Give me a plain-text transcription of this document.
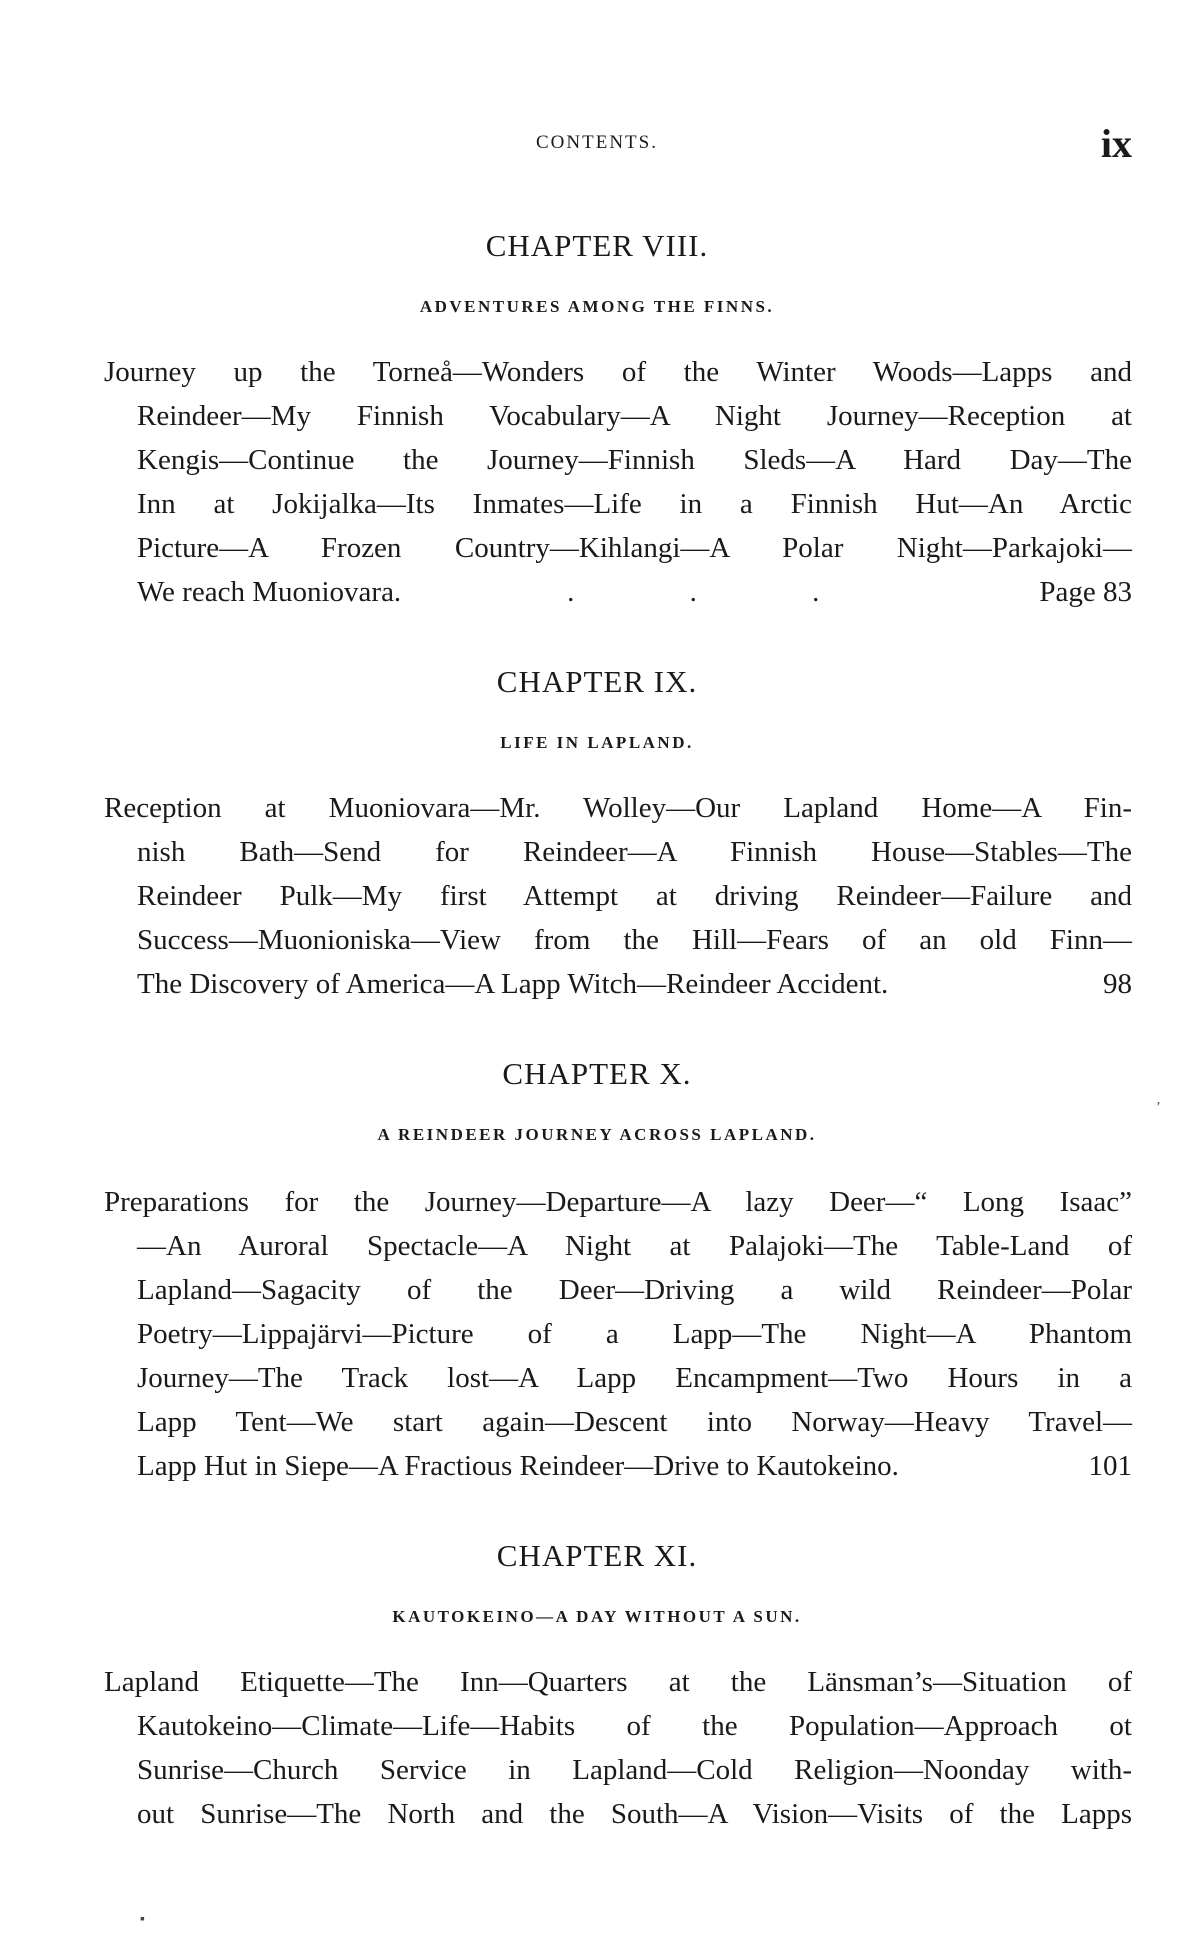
CONTENTS.	ix
CHAPTER VIII.
ADVENTURES AMONG THE FINNS.
Journey up the Torneå—Wonders of the Winter Woods—Lapps and
Reindeer—My Finnish Vocabulary—A Night Journey—Reception at
Kengis—Continue the Journey—Finnish Sleds—A Hard Day—The
Inn at Jokijalka—Its Inmates—Life in a Finnish Hut—An Arctic
Picture—A Frozen Country—Kihlangi—A Polar Night—Parkajoki—
We reach Muoniovara.	. . .	Page 83
CHAPTER IX.
LIFE IN LAPLAND.
Reception at Muoniovara—Mr. Wolley—Our Lapland Home—A Fin-
nish Bath—Send for Reindeer—A Finnish House—Stables—The
Reindeer Pulk—My first Attempt at driving Reindeer—Failure and
Success—Muonioniska—View from the Hill—Fears of an old Finn—
The Discovery of America—A Lapp Witch—Reindeer Accident.	98
CHAPTER X.
A REINDEER JOURNEY ACROSS LAPLAND.
Preparations for the Journey—Departure—A lazy Deer—“ Long Isaac”
—An Auroral Spectacle—A Night at Palajoki—The Table-Land of
Lapland—Sagacity of the Deer—Driving a wild Reindeer—Polar
Poetry—Lippajärvi—Picture of a Lapp—The Night—A Phantom
Journey—The Track lost—A Lapp Encampment—Two Hours in a
Lapp Tent—We start again—Descent into Norway—Heavy Travel—
Lapp Hut in Siepe—A Fractious Reindeer—Drive to Kautokeino.	101
CHAPTER XI.
KAUTOKEINO—A DAY WITHOUT A SUN.
Lapland Etiquette—The Inn—Quarters at the Länsman’s—Situation of
Kautokeino—Climate—Life—Habits of the Population—Approach ot
Sunrise—Church Service in Lapland—Cold Religion—Noonday with-
out Sunrise—The North and the South—A Vision—Visits of the Lapps
’
▪
